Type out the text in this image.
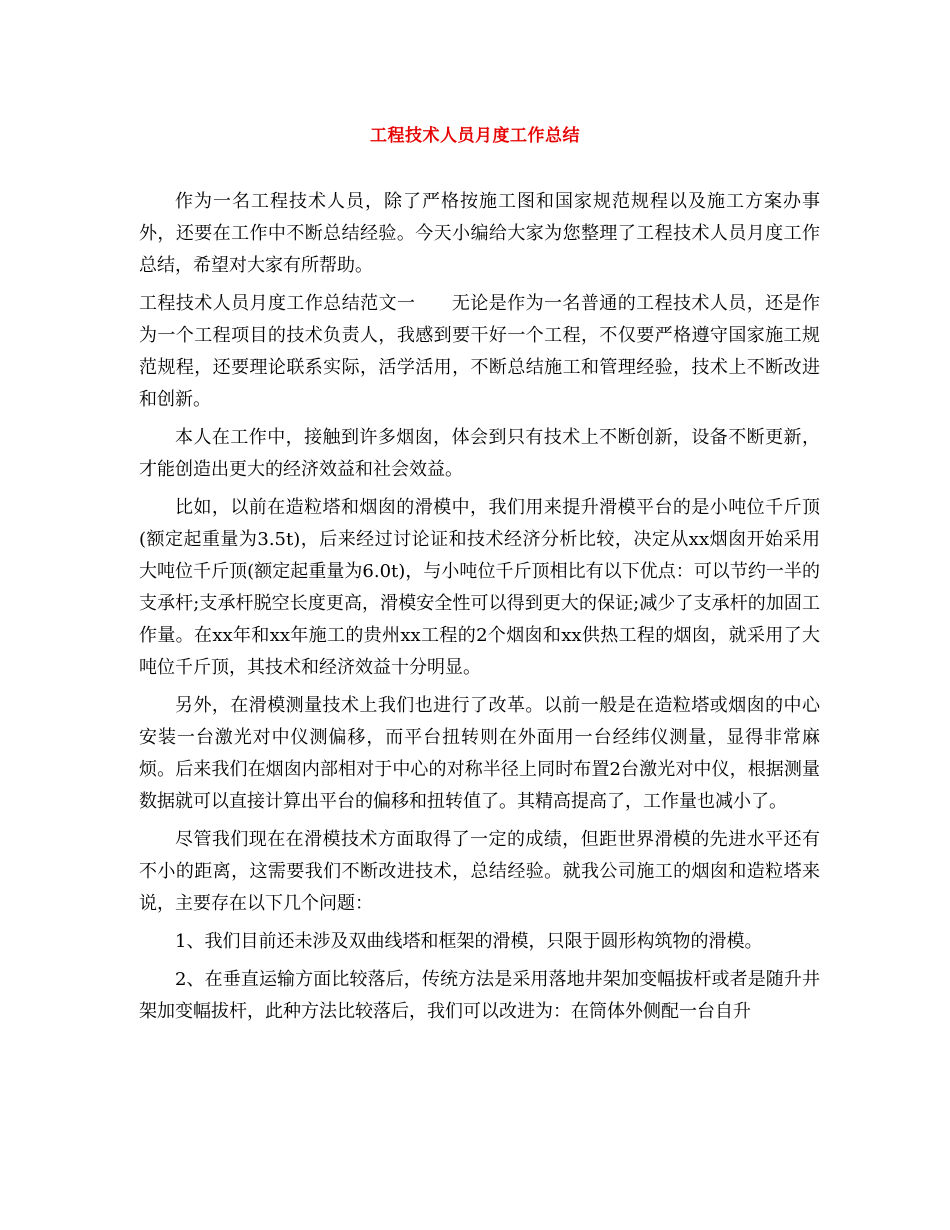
工程技术人员月度工作总结

作为一名工程技术人员，除了严格按施工图和国家规范规程以及施工方案办事外，还要在工作中不断总结经验。今天小编给大家为您整理了工程技术人员月度工作总结，希望对大家有所帮助。

工程技术人员月度工作总结范文一 无论是作为一名普通的工程技术人员，还是作为一个工程项目的技术负责人，我感到要干好一个工程，不仅要严格遵守国家施工规范规程，还要理论联系实际，活学活用，不断总结施工和管理经验，技术上不断改进和创新。

本人在工作中，接触到许多烟囱，体会到只有技术上不断创新，设备不断更新，才能创造出更大的经济效益和社会效益。

比如，以前在造粒塔和烟囱的滑模中，我们用来提升滑模平台的是小吨位千斤顶(额定起重量为3.5t)，后来经过讨论证和技术经济分析比较，决定从xx烟囱开始采用大吨位千斤顶(额定起重量为6.0t)，与小吨位千斤顶相比有以下优点：可以节约一半的支承杆;支承杆脱空长度更高，滑模安全性可以得到更大的保证;减少了支承杆的加固工作量。在xx年和xx年施工的贵州xx工程的2个烟囱和xx供热工程的烟囱，就采用了大吨位千斤顶，其技术和经济效益十分明显。

另外，在滑模测量技术上我们也进行了改革。以前一般是在造粒塔或烟囱的中心安装一台激光对中仪测偏移，而平台扭转则在外面用一台经纬仪测量，显得非常麻烦。后来我们在烟囱内部相对于中心的对称半径上同时布置2台激光对中仪，根据测量数据就可以直接计算出平台的偏移和扭转值了。其精高提高了，工作量也减小了。

尽管我们现在在滑模技术方面取得了一定的成绩，但距世界滑模的先进水平还有不小的距离，这需要我们不断改进技术，总结经验。就我公司施工的烟囱和造粒塔来说，主要存在以下几个问题：

1、我们目前还未涉及双曲线塔和框架的滑模，只限于圆形构筑物的滑模。

2、在垂直运输方面比较落后，传统方法是采用落地井架加变幅拔杆或者是随升井架加变幅拔杆，此种方法比较落后，我们可以改进为：在筒体外侧配一台自升
